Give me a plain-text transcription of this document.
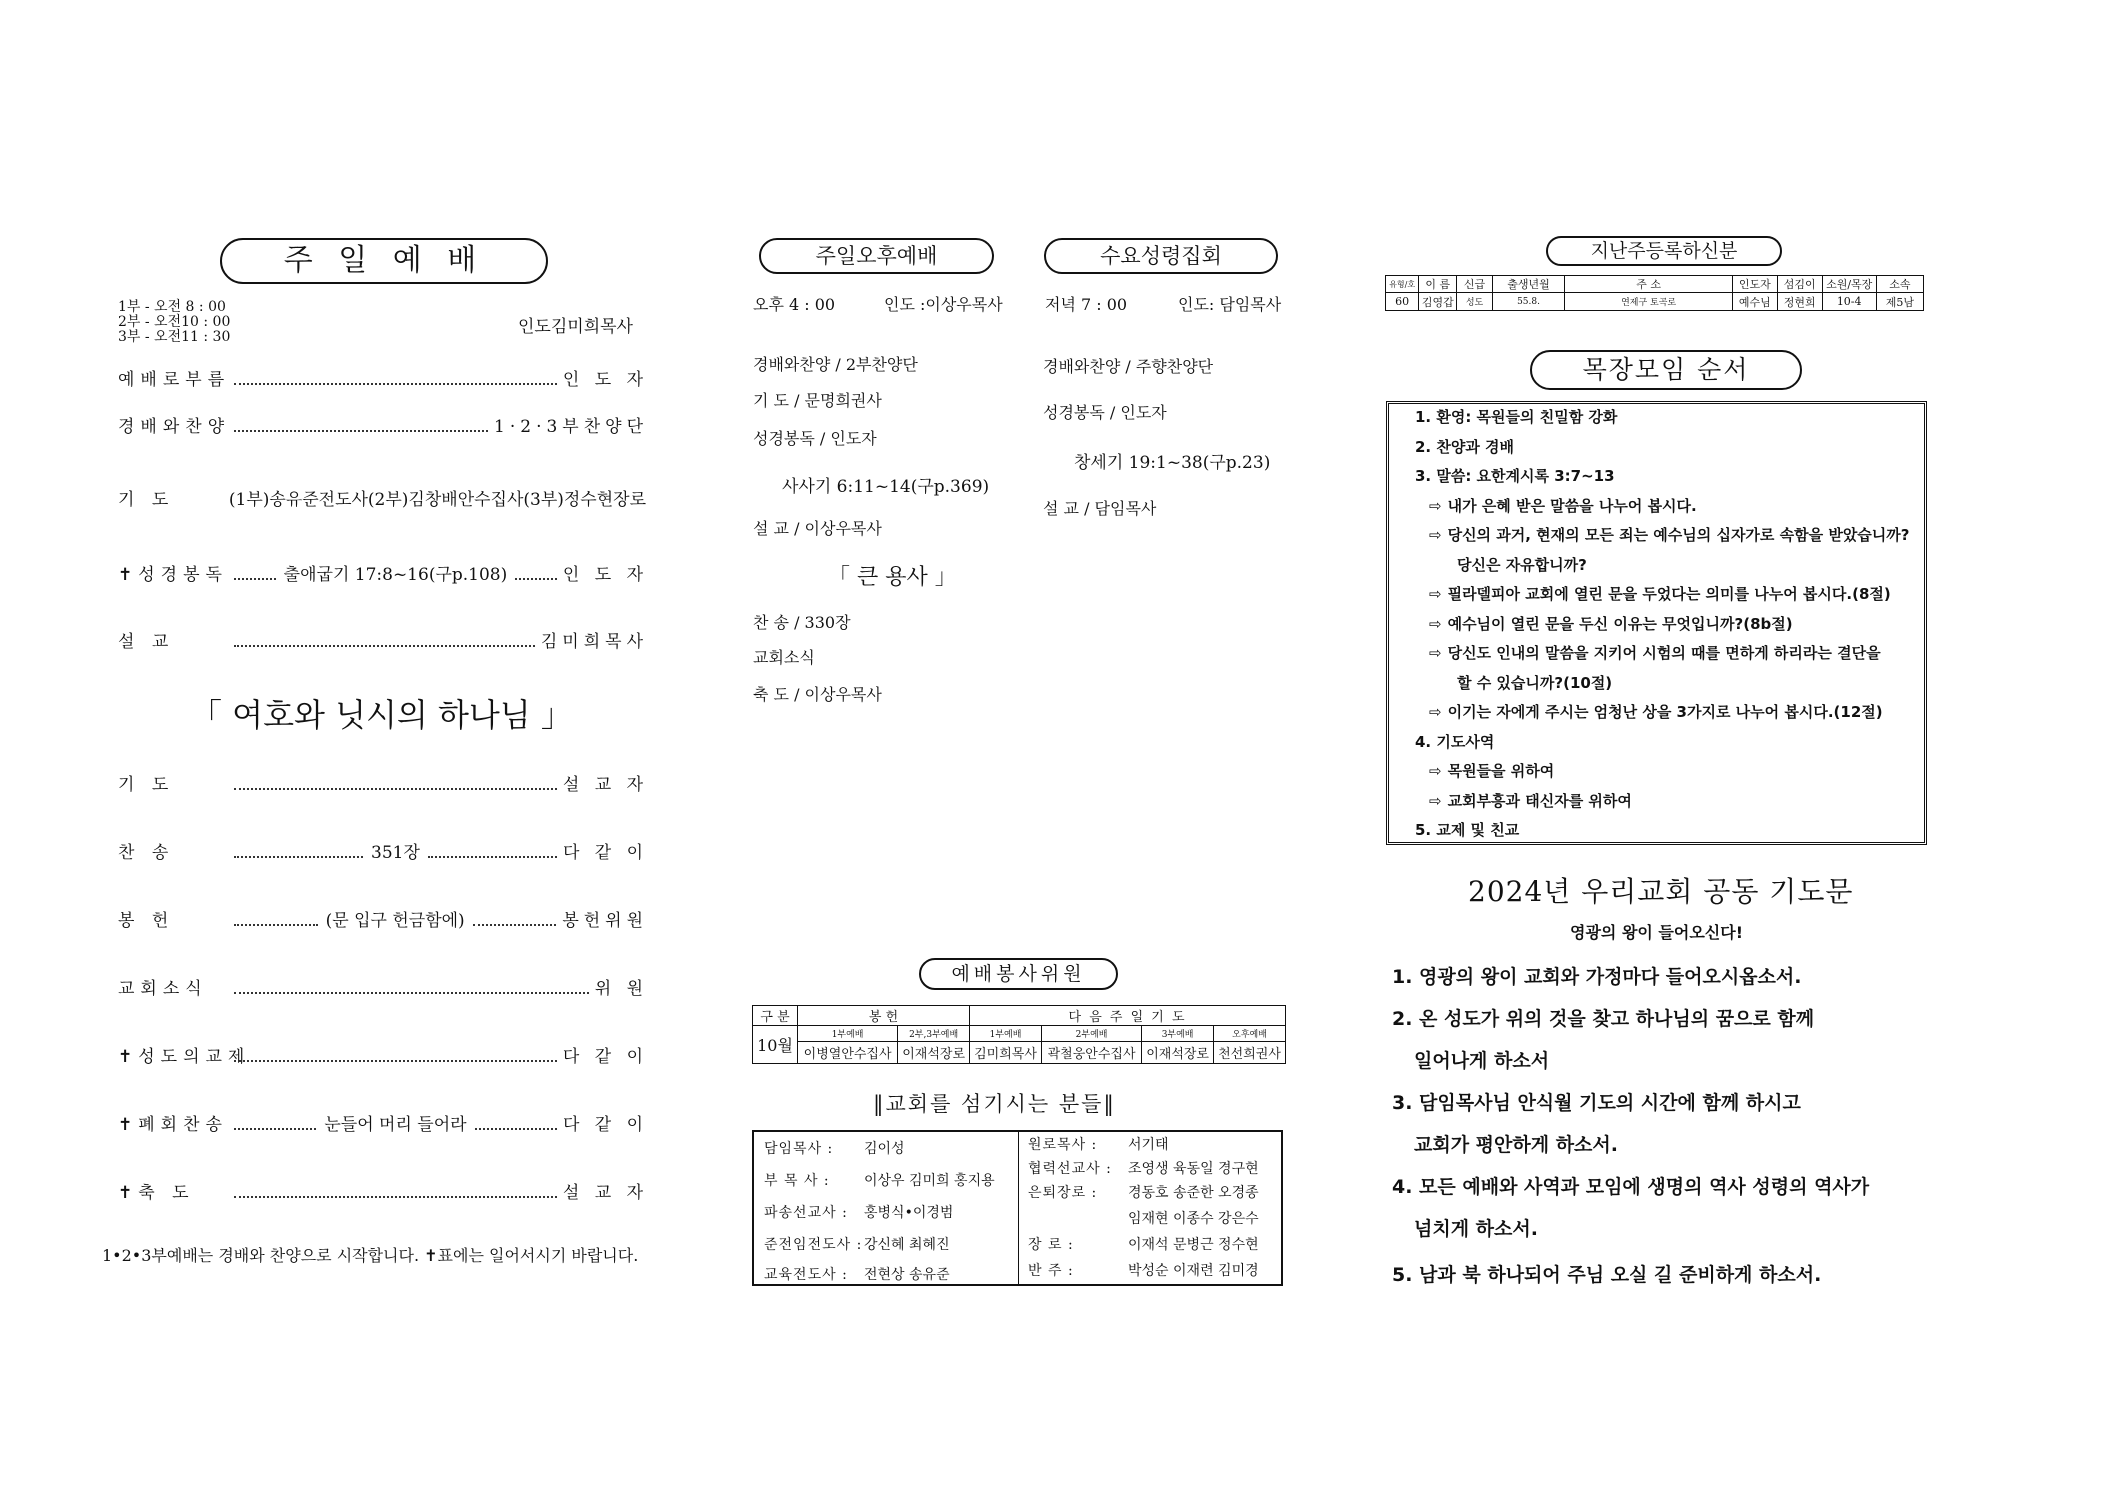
주 일 예 배
1부 - 오전 8 : 00
2부 - 오전10 : 00
3부 - 오전11 : 30	인도김미희목사
예배로부름	인 도 자
경배와찬양	1·2·3부찬양단
기 도	(1부)송유준전도사(2부)김창배안수집사(3부)정수현장로
✝성경봉독	출애굽기 17:8~16(구p.108)	인 도 자
설 교	김미희목사
「 여호와 닛시의 하나님 」
기 도	설 교 자
찬 송	351장	다 같 이
봉 헌	(문 입구 헌금함에)	봉헌위원
교회소식	위 원
✝성도의교제	다 같 이
✝폐회찬송	눈들어 머리 들어라	다 같 이
✝축 도	설 교 자
1•2•3부예배는 경배와 찬양으로 시작합니다. ✝표에는 일어서시기 바랍니다.
주일오후예배	수요성령집회
오후 4 : 00	인도 :이상우목사	저녁 7 : 00	인도: 담임목사
경배와찬양 / 2부찬양단
기 도 / 문명희권사
성경봉독 / 인도자
사사기 6:11~14(구p.369)
설 교 / 이상우목사
「 큰 용사 」
찬 송 / 330장
교회소식
축 도 / 이상우목사
경배와찬양 / 주향찬양단
성경봉독 / 인도자
창세기 19:1~38(구p.23)
설 교 / 담임목사
예배봉사위원
구 분	봉 헌		다 음 주 일 기 도			
10월	1부예배	2부,3부예배	1부예배	2부예배	3부예배	오후예배
	이병열안수집사	이재석장로	김미희목사	곽철웅안수집사	이재석장로	천선희권사
‖교회를 섬기시는 분들‖
담임목사 : 김이성
부 목 사 : 이상우 김미희 홍지용
파송선교사 : 홍병식•이경범
준전임전도사 : 강신혜 최혜진
교육전도사 : 전현상 송유준
원로목사 : 서기태
협력선교사 : 조영생 육동일 경구현
은퇴장로 : 경동호 송준한 오경종
임재현 이종수 강은수
장 로 :	이재석 문병근 정수현
반 주 :	박성순 이재련 김미경
지난주등록하신분
유형/호	이 름	신급	출생년월	주 소	인도자	섬김이	소원/목장	소속
60	김영갑	성도	55.8.	연제구 토곡로	예수님	정현희	10-4	제5남
목장모임 순서
1. 환영: 목원들의 친밀함 강화
2. 찬양과 경배
3. 말씀: 요한계시록 3:7~13
⇨ 내가 은혜 받은 말씀을 나누어 봅시다.
⇨ 당신의 과거, 현재의 모든 죄는 예수님의 십자가로 속함을 받았습니까?
당신은 자유합니까?
⇨ 필라델피아 교회에 열린 문을 두었다는 의미를 나누어 봅시다.(8절)
⇨ 예수님이 열린 문을 두신 이유는 무엇입니까?(8b절)
⇨ 당신도 인내의 말씀을 지키어 시험의 때를 면하게 하리라는 결단을
할 수 있습니까?(10절)
⇨ 이기는 자에게 주시는 엄청난 상을 3가지로 나누어 봅시다.(12절)
4. 기도사역
⇨ 목원들을 위하여
⇨ 교회부흥과 태신자를 위하여
5. 교제 및 친교
2024년 우리교회 공동 기도문
영광의 왕이 들어오신다!
1. 영광의 왕이 교회와 가정마다 들어오시옵소서.
2. 온 성도가 위의 것을 찾고 하나님의 꿈으로 함께
일어나게 하소서
3. 담임목사님 안식월 기도의 시간에 함께 하시고
교회가 평안하게 하소서.
4. 모든 예배와 사역과 모임에 생명의 역사 성령의 역사가
넘치게 하소서.
5. 남과 북 하나되어 주님 오실 길 준비하게 하소서.
